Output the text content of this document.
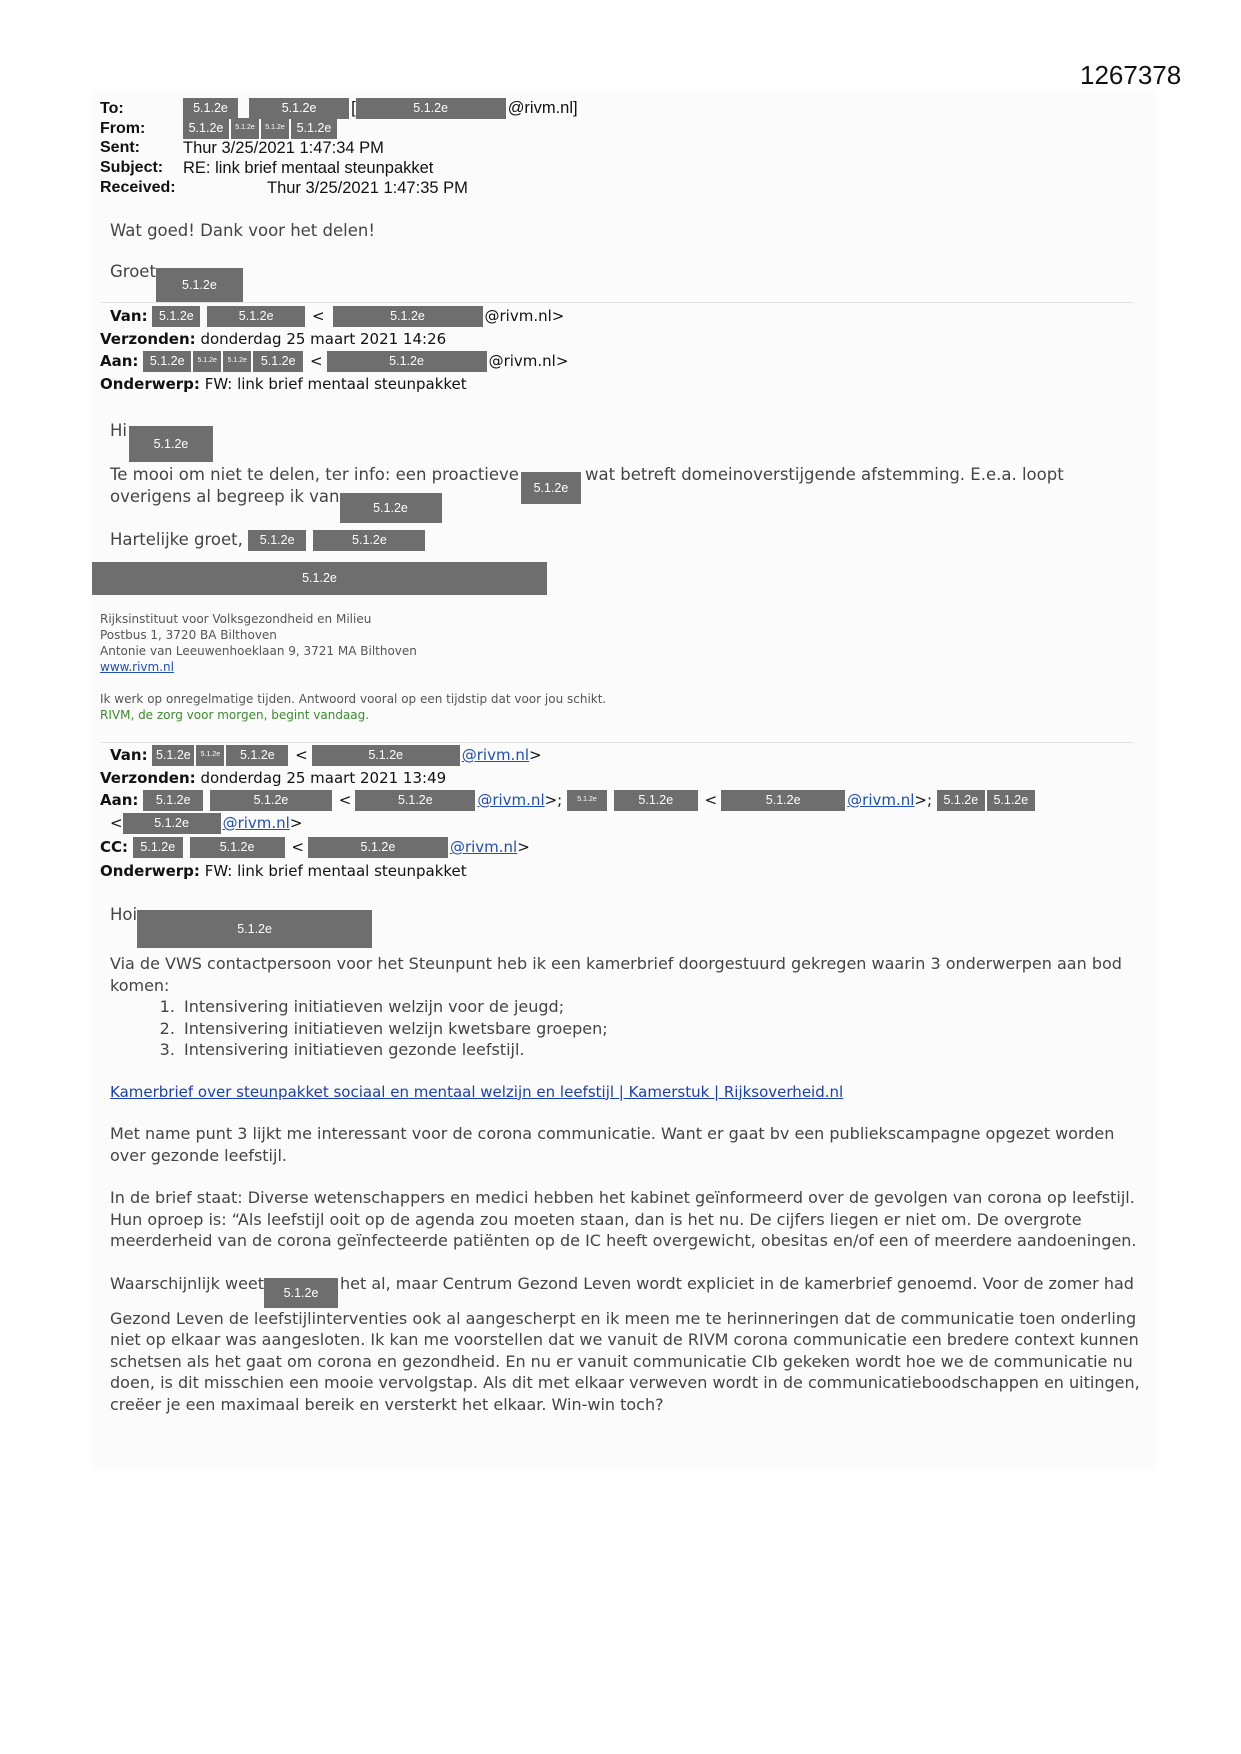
1267378
To:	5.1.2e	5.1.2e [	5.1.2e	@rivm.nl]
From:	5.1.2e 5.1.2e 5.1.2e 5.1.2e
Sent:	Thur 3/25/2021 1:47:34 PM
Subject: RE: link brief mentaal steunpakket
Received:	Thur 3/25/2021 1:47:35 PM
Wat goed! Dank voor het delen!
Groet5.1.2e
Van: 5.1.2e	5.1.2e	<	5.1.2e	@rivm.nl>
Verzonden: donderdag 25 maart 2021 14:26
Aan: 5.1.2e 5.1.2e 5.1.2e 5.1.2e <	5.1.2e	@rivm.nl>
Onderwerp: FW: link brief mentaal steunpakket
Hi5.1.2e
Te mooi om niet te delen, ter info: een proactieve5.1.2ewat betreft domeinoverstijgende afstemming. E.e.a. loopt
overigens al begreep ik van5.1.2e
Hartelijke groet, 5.1.2e	5.1.2e
5.1.2e
Rijksinstituut voor Volksgezondheid en Milieu
Postbus 1, 3720 BA Bilthoven
Antonie van Leeuwenhoeklaan 9, 3721 MA Bilthoven
www.rivm.nl
Ik werk op onregelmatige tijden. Antwoord vooral op een tijdstip dat voor jou schikt.
RIVM, de zorg voor morgen, begint vandaag.
Van: 5.1.2e 5.1.2e 5.1.2e <	5.1.2e	@rivm.nl>
Verzonden: donderdag 25 maart 2021 13:49
Aan: 5.1.2e	5.1.2e	<	5.1.2e	@rivm.nl>; 5.1.2e	5.1.2e <	5.1.2e	@rivm.nl>; 5.1.2e 5.1.2e
<	5.1.2e @rivm.nl>
CC: 5.1.2e	5.1.2e <	5.1.2e	@rivm.nl>
Onderwerp: FW: link brief mentaal steunpakket
Hoi5.1.2e

Via de VWS contactpersoon voor het Steunpunt heb ik een kamerbrief doorgestuurd gekregen waarin 3 onderwerpen aan bod komen:

1. Intensivering initiatieven welzijn voor de jeugd;
2. Intensivering initiatieven welzijn kwetsbare groepen;
3. Intensivering initiatieven gezonde leefstijl.

Kamerbrief over steunpakket sociaal en mentaal welzijn en leefstijl | Kamerstuk | Rijksoverheid.nl

Met name punt 3 lijkt me interessant voor de corona communicatie. Want er gaat bv een publiekscampagne opgezet worden over gezonde leefstijl.

In de brief staat: Diverse wetenschappers en medici hebben het kabinet geïnformeerd over de gevolgen van corona op leefstijl. Hun oproep is: “Als leefstijl ooit op de agenda zou moeten staan, dan is het nu. De cijfers liegen er niet om. De overgrote meerderheid van de corona geïnfecteerde patiënten op de IC heeft overgewicht, obesitas en/of een of meerdere aandoeningen.

Waarschijnlijk weet 5.1.2e het al, maar Centrum Gezond Leven wordt expliciet in de kamerbrief genoemd. Voor de zomer had Gezond Leven de leefstijlinterventies ook al aangescherpt en ik meen me te herinneringen dat de communicatie toen onderling niet op elkaar was aangesloten. Ik kan me voorstellen dat we vanuit de RIVM corona communicatie een bredere context kunnen schetsen als het gaat om corona en gezondheid. En nu er vanuit communicatie CIb gekeken wordt hoe we de communicatie nu doen, is dit misschien een mooie vervolgstap. Als dit met elkaar verweven wordt in de communicatieboodschappen en uitingen, creëer je een maximaal bereik en versterkt het elkaar. Win-win toch?
